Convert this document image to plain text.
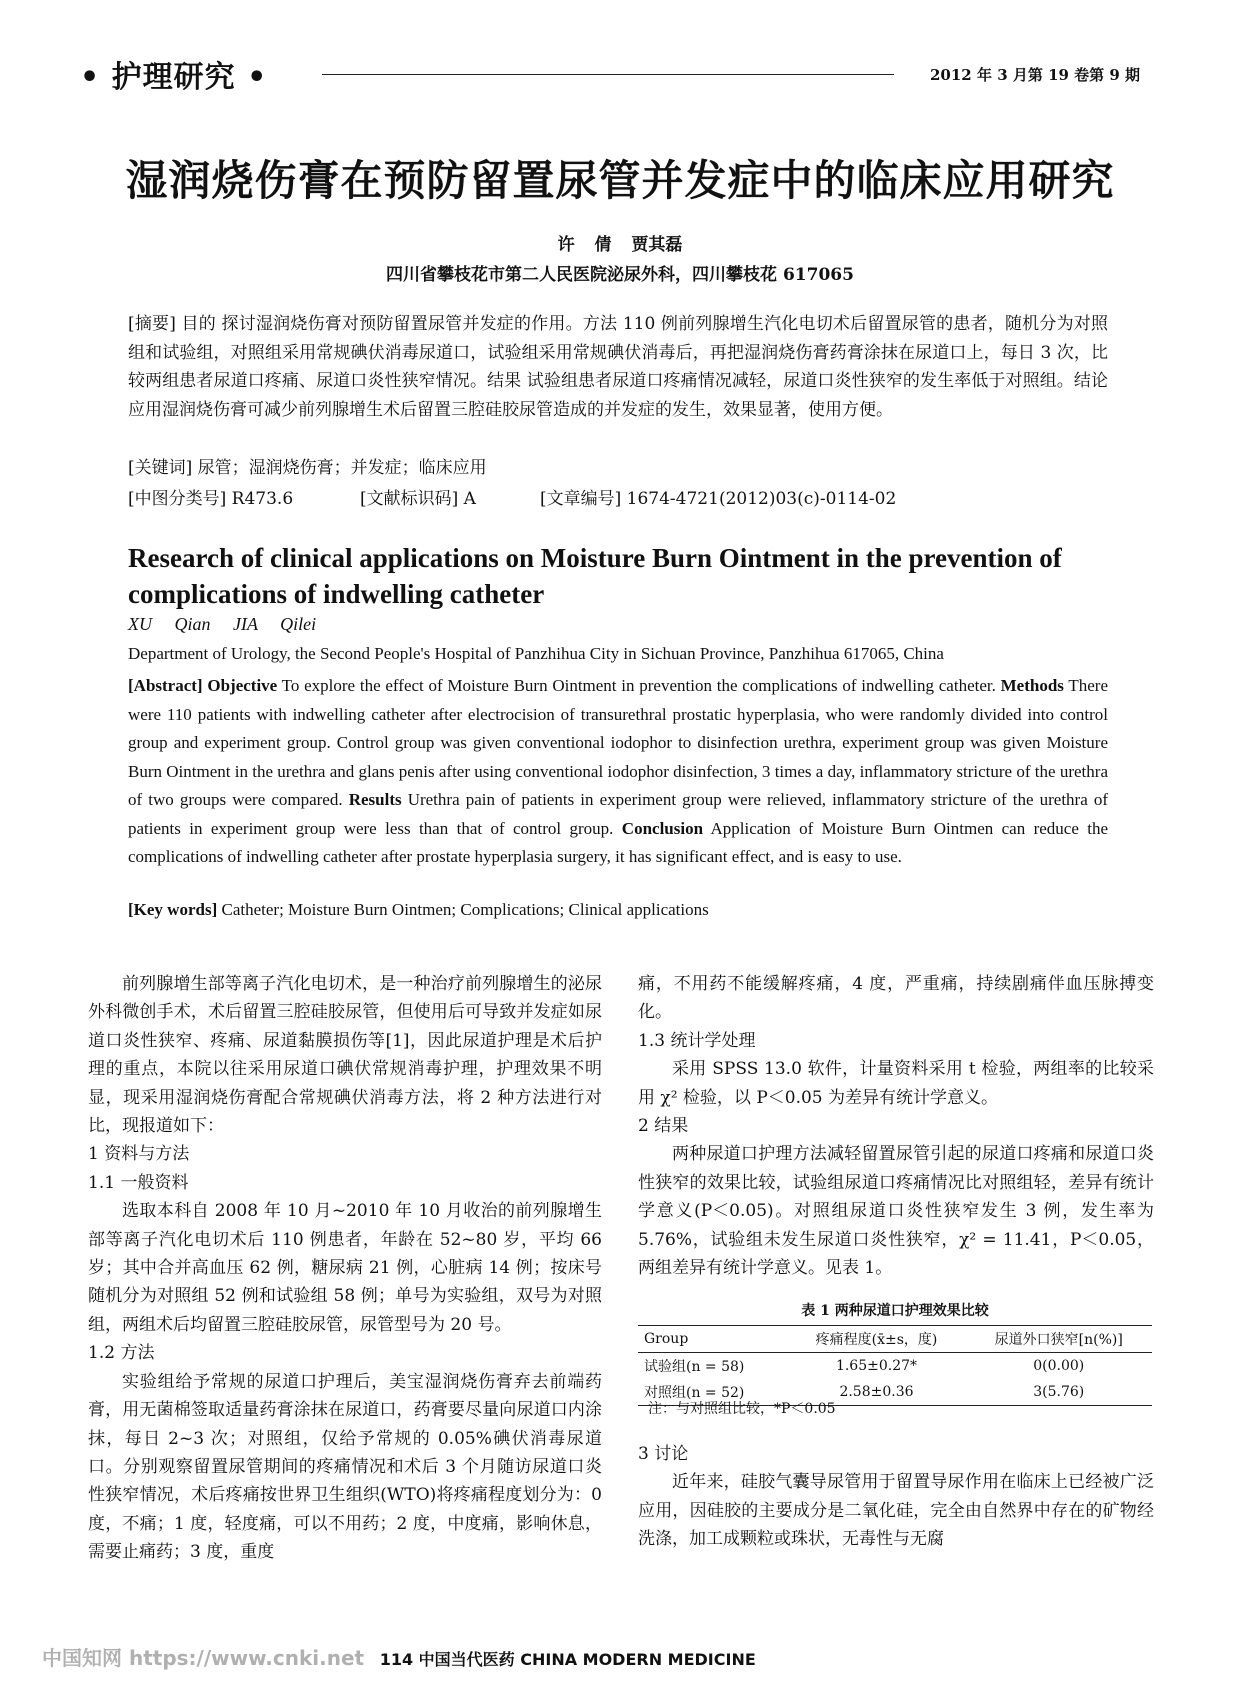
• 护理研究 •	2012 年 3 月第 19 卷第 9 期
湿润烧伤膏在预防留置尿管并发症中的临床应用研究
许 倩 贾其磊
四川省攀枝花市第二人民医院泌尿外科，四川攀枝花 617065
[摘要] 目的 探讨湿润烧伤膏对预防留置尿管并发症的作用。方法 110 例前列腺增生汽化电切术后留置尿管的患者，随机分为对照组和试验组，对照组采用常规碘伏消毒尿道口，试验组采用常规碘伏消毒后，再把湿润烧伤膏药膏涂抹在尿道口上，每日 3 次，比较两组患者尿道口疼痛、尿道口炎性狭窄情况。结果 试验组患者尿道口疼痛情况减轻，尿道口炎性狭窄的发生率低于对照组。结论 应用湿润烧伤膏可减少前列腺增生术后留置三腔硅胶尿管造成的并发症的发生，效果显著，使用方便。
[关键词] 尿管；湿润烧伤膏；并发症；临床应用
[中图分类号] R473.6	[文献标识码] A	[文章编号] 1674-4721(2012)03(c)-0114-02
Research of clinical applications on Moisture Burn Ointment in the prevention of complications of indwelling catheter
XU Qian JIA Qilei
Department of Urology, the Second People's Hospital of Panzhihua City in Sichuan Province, Panzhihua 617065, China
[Abstract] Objective To explore the effect of Moisture Burn Ointment in prevention the complications of indwelling catheter. Methods There were 110 patients with indwelling catheter after electrocision of transurethral prostatic hyperplasia, who were randomly divided into control group and experiment group. Control group was given conventional iodophor to disinfection urethra, experiment group was given Moisture Burn Ointment in the urethra and glans penis after using conventional iodophor disinfection, 3 times a day, inflammatory stricture of the urethra of two groups were compared. Results Urethra pain of patients in experiment group were relieved, inflammatory stricture of the urethra of patients in experiment group were less than that of control group. Conclusion Application of Moisture Burn Ointmen can reduce the complications of indwelling catheter after prostate hyperplasia surgery, it has significant effect, and is easy to use.
[Key words] Catheter; Moisture Burn Ointmen; Complications; Clinical applications

前列腺增生部等离子汽化电切术，是一种治疗前列腺增生的泌尿外科微创手术，术后留置三腔硅胶尿管，但使用后可导致并发症如尿道口炎性狭窄、疼痛、尿道黏膜损伤等[1]，因此尿道护理是术后护理的重点，本院以往采用尿道口碘伏常规消毒护理，护理效果不明显，现采用湿润烧伤膏配合常规碘伏消毒方法，将 2 种方法进行对比，现报道如下：

1 资料与方法

1.1 一般资料

选取本科自 2008 年 10 月~2010 年 10 月收治的前列腺增生部等离子汽化电切术后 110 例患者，年龄在 52~80 岁，平均 66 岁；其中合并高血压 62 例，糖尿病 21 例，心脏病 14 例；按床号随机分为对照组 52 例和试验组 58 例；单号为实验组，双号为对照组，两组术后均留置三腔硅胶尿管，尿管型号为 20 号。

1.2 方法

实验组给予常规的尿道口护理后，美宝湿润烧伤膏弃去前端药膏，用无菌棉签取适量药膏涂抹在尿道口，药膏要尽量向尿道口内涂抹，每日 2~3 次；对照组，仅给予常规的 0.05%碘伏消毒尿道口。分别观察留置尿管期间的疼痛情况和术后 3 个月随访尿道口炎性狭窄情况，术后疼痛按世界卫生组织(WTO)将疼痛程度划分为：0 度，不痛；1 度，轻度痛，可以不用药；2 度，中度痛，影响休息，需要止痛药；3 度，重度

痛，不用药不能缓解疼痛，4 度，严重痛，持续剧痛伴血压脉搏变化。

1.3 统计学处理

采用 SPSS 13.0 软件，计量资料采用 t 检验，两组率的比较采用 χ² 检验，以 P＜0.05 为差异有统计学意义。

2 结果

两种尿道口护理方法减轻留置尿管引起的尿道口疼痛和尿道口炎性狭窄的效果比较，试验组尿道口疼痛情况比对照组轻，差异有统计学意义(P＜0.05)。对照组尿道口炎性狭窄发生 3 例，发生率为 5.76%，试验组未发生尿道口炎性狭窄，χ² = 11.41，P＜0.05，两组差异有统计学意义。见表 1。

表 1 两种尿道口护理效果比较
Group	疼痛程度(x̄±s，度)	尿道外口狭窄[n(%)]
试验组(n = 58)	1.65±0.27*	0(0.00)
对照组(n = 52)	2.58±0.36	3(5.76)
注：与对照组比较，*P＜0.05

3 讨论

近年来，硅胶气囊导尿管用于留置导尿作用在临床上已经被广泛应用，因硅胶的主要成分是二氧化硅，完全由自然界中存在的矿物经洗涤，加工成颗粒或珠状，无毒性与无腐

中国知网 https://www.cnki.net 114 中国当代医药 CHINA MODERN MEDICINE
